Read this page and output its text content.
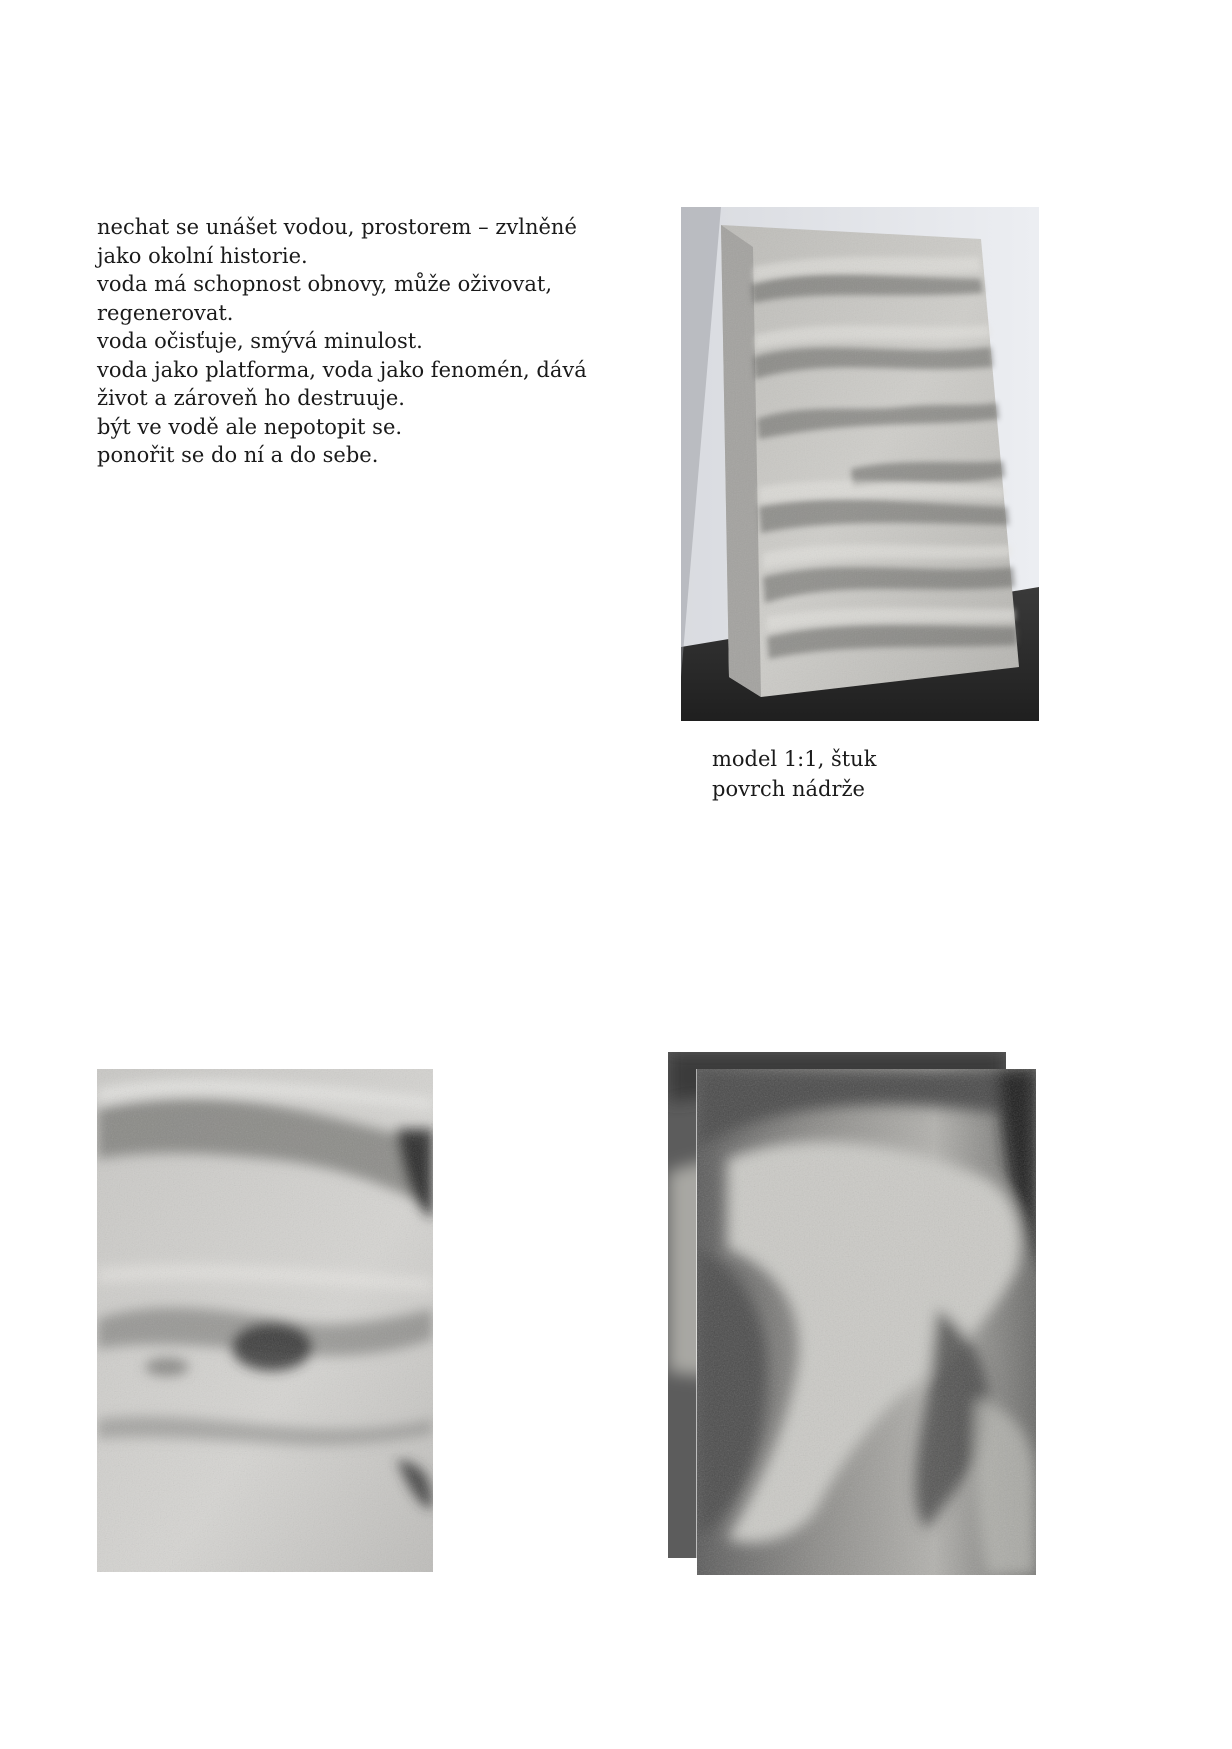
nechat se unášet vodou, prostorem – zvlněné
jako okolní historie.
voda má schopnost obnovy, může oživovat,
regenerovat.
voda očisťuje, smývá minulost.
voda jako platforma, voda jako fenomén, dává
život a zároveň ho destruuje.
být ve vodě ale nepotopit se.
ponořit se do ní a do sebe.
model 1:1, štuk
povrch nádrže
